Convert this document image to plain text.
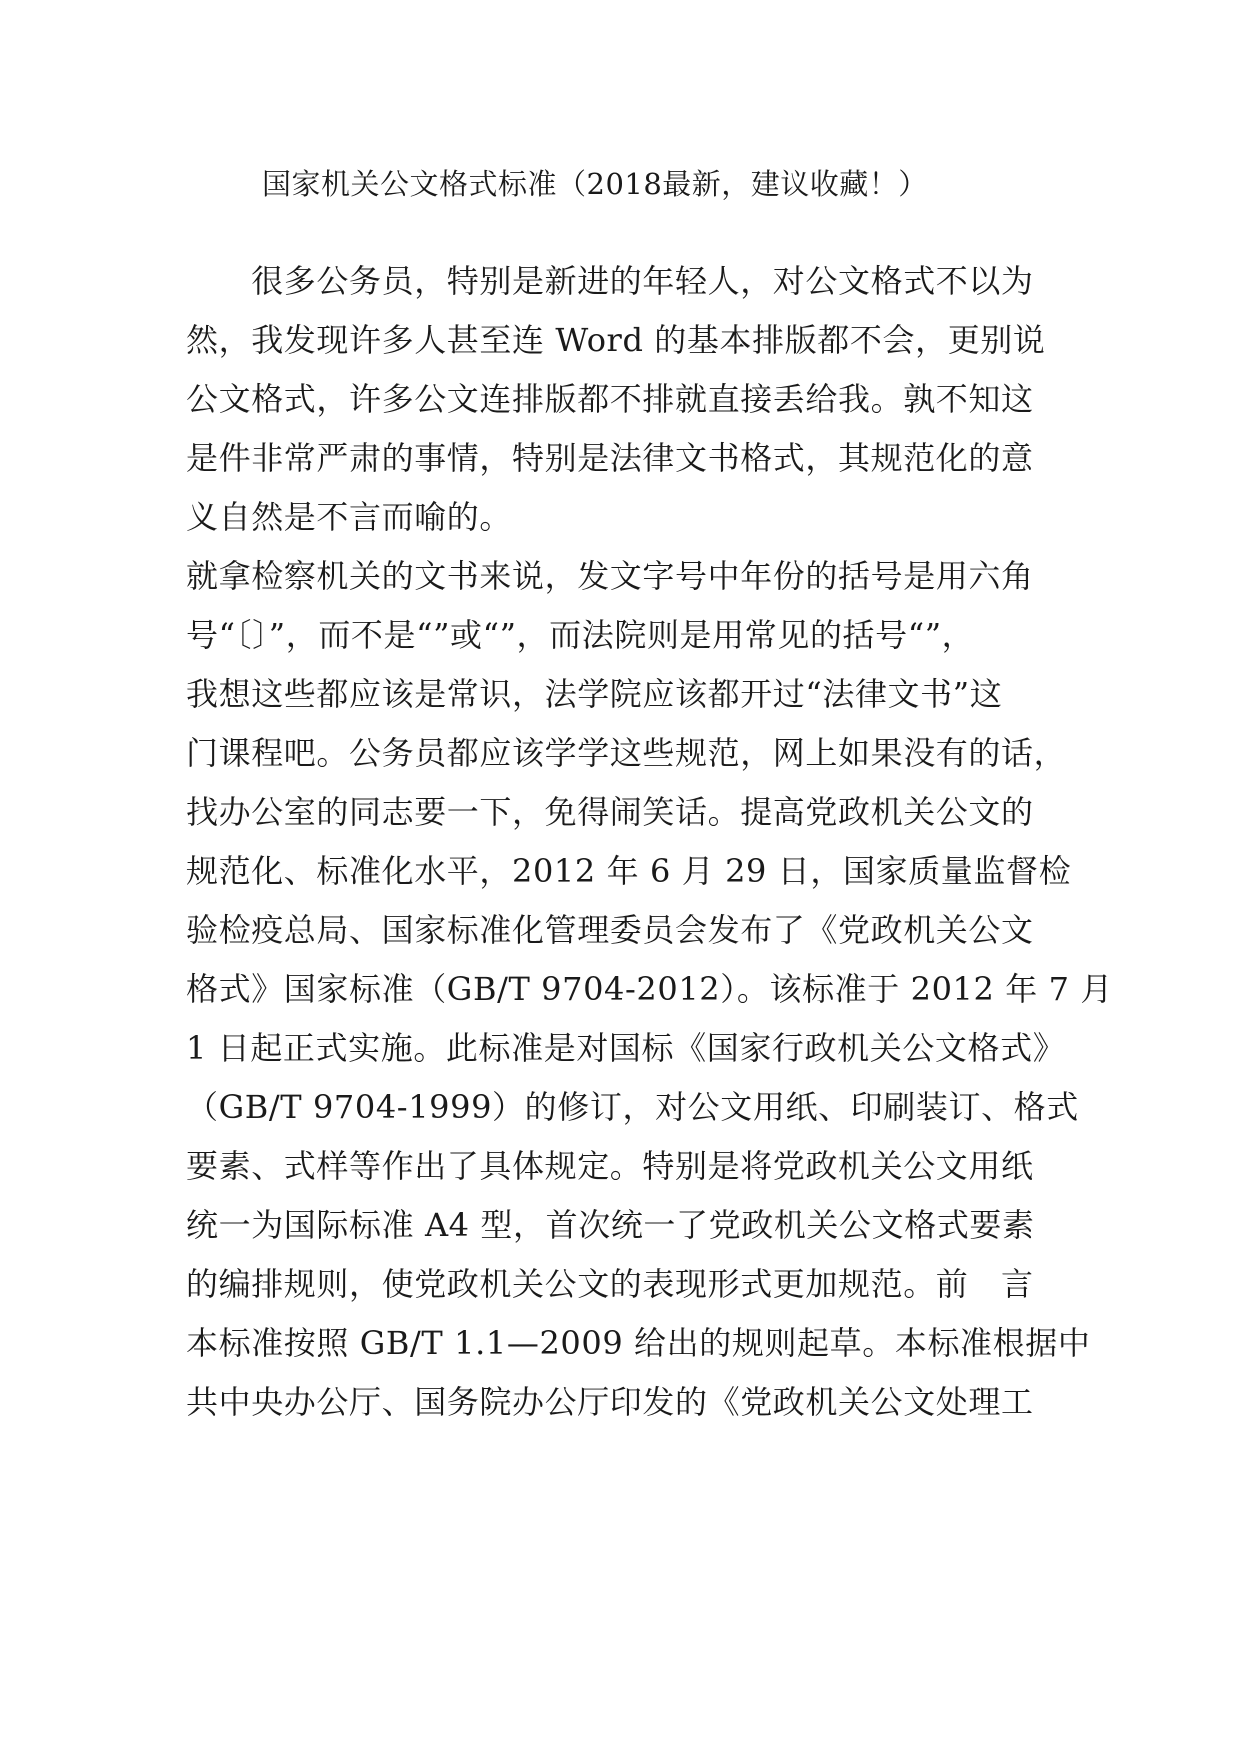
国家机关公文格式标准（2018最新，建议收藏！）
　　很多公务员，特别是新进的年轻人，对公文格式不以为
然，我发现许多人甚至连 Word 的基本排版都不会，更别说
公文格式，许多公文连排版都不排就直接丢给我。孰不知这
是件非常严肃的事情，特别是法律文书格式，其规范化的意
义自然是不言而喻的。
就拿检察机关的文书来说，发文字号中年份的括号是用六角
号“〔〕”，而不是“”或“”，而法院则是用常见的括号“”，
我想这些都应该是常识，法学院应该都开过“法律文书”这
门课程吧。公务员都应该学学这些规范，网上如果没有的话，
找办公室的同志要一下，免得闹笑话。提高党政机关公文的
规范化、标准化水平，2012 年 6 月 29 日，国家质量监督检
验检疫总局、国家标准化管理委员会发布了《党政机关公文
格式》国家标准（GB/T 9704-2012）。该标准于 2012 年 7 月
1 日起正式实施。此标准是对国标《国家行政机关公文格式》
（GB/T 9704-1999）的修订，对公文用纸、印刷装订、格式
要素、式样等作出了具体规定。特别是将党政机关公文用纸
统一为国际标准 A4 型，首次统一了党政机关公文格式要素
的编排规则，使党政机关公文的表现形式更加规范。前　言
本标准按照 GB/T 1.1—2009 给出的规则起草。本标准根据中
共中央办公厅、国务院办公厅印发的《党政机关公文处理工
